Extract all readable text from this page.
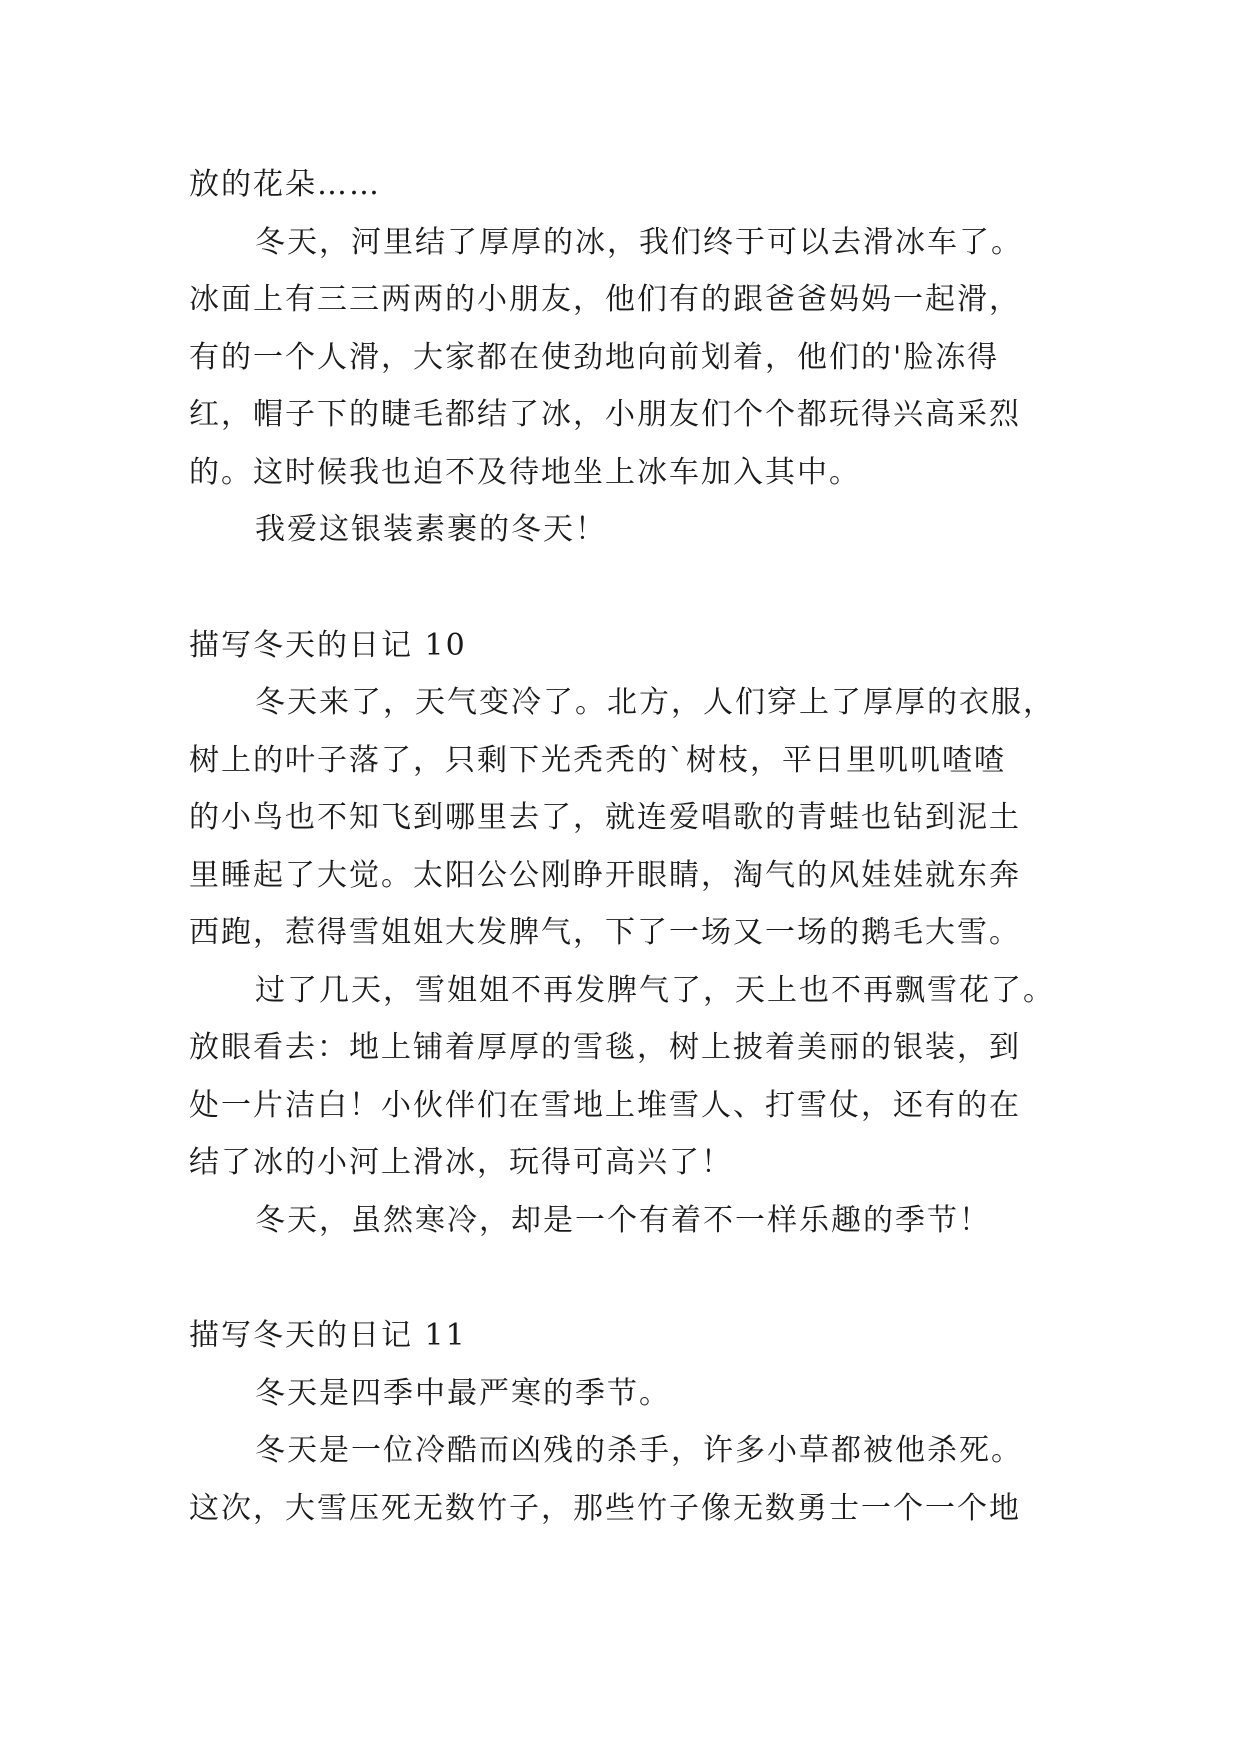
放的花朵……
冬天，河里结了厚厚的冰，我们终于可以去滑冰车了。
冰面上有三三两两的小朋友，他们有的跟爸爸妈妈一起滑，
有的一个人滑，大家都在使劲地向前划着，他们的'脸冻得
红，帽子下的睫毛都结了冰，小朋友们个个都玩得兴高采烈
的。这时候我也迫不及待地坐上冰车加入其中。
我爱这银装素裹的冬天！
描写冬天的日记 10
冬天来了，天气变冷了。北方，人们穿上了厚厚的衣服，
树上的叶子落了，只剩下光秃秃的`树枝，平日里叽叽喳喳
的小鸟也不知飞到哪里去了，就连爱唱歌的青蛙也钻到泥土
里睡起了大觉。太阳公公刚睁开眼睛，淘气的风娃娃就东奔
西跑，惹得雪姐姐大发脾气，下了一场又一场的鹅毛大雪。
过了几天，雪姐姐不再发脾气了，天上也不再飘雪花了。
放眼看去：地上铺着厚厚的雪毯，树上披着美丽的银装，到
处一片洁白！小伙伴们在雪地上堆雪人、打雪仗，还有的在
结了冰的小河上滑冰，玩得可高兴了！
冬天，虽然寒冷，却是一个有着不一样乐趣的季节！
描写冬天的日记 11
冬天是四季中最严寒的季节。
冬天是一位冷酷而凶残的杀手，许多小草都被他杀死。
这次，大雪压死无数竹子，那些竹子像无数勇士一个一个地
